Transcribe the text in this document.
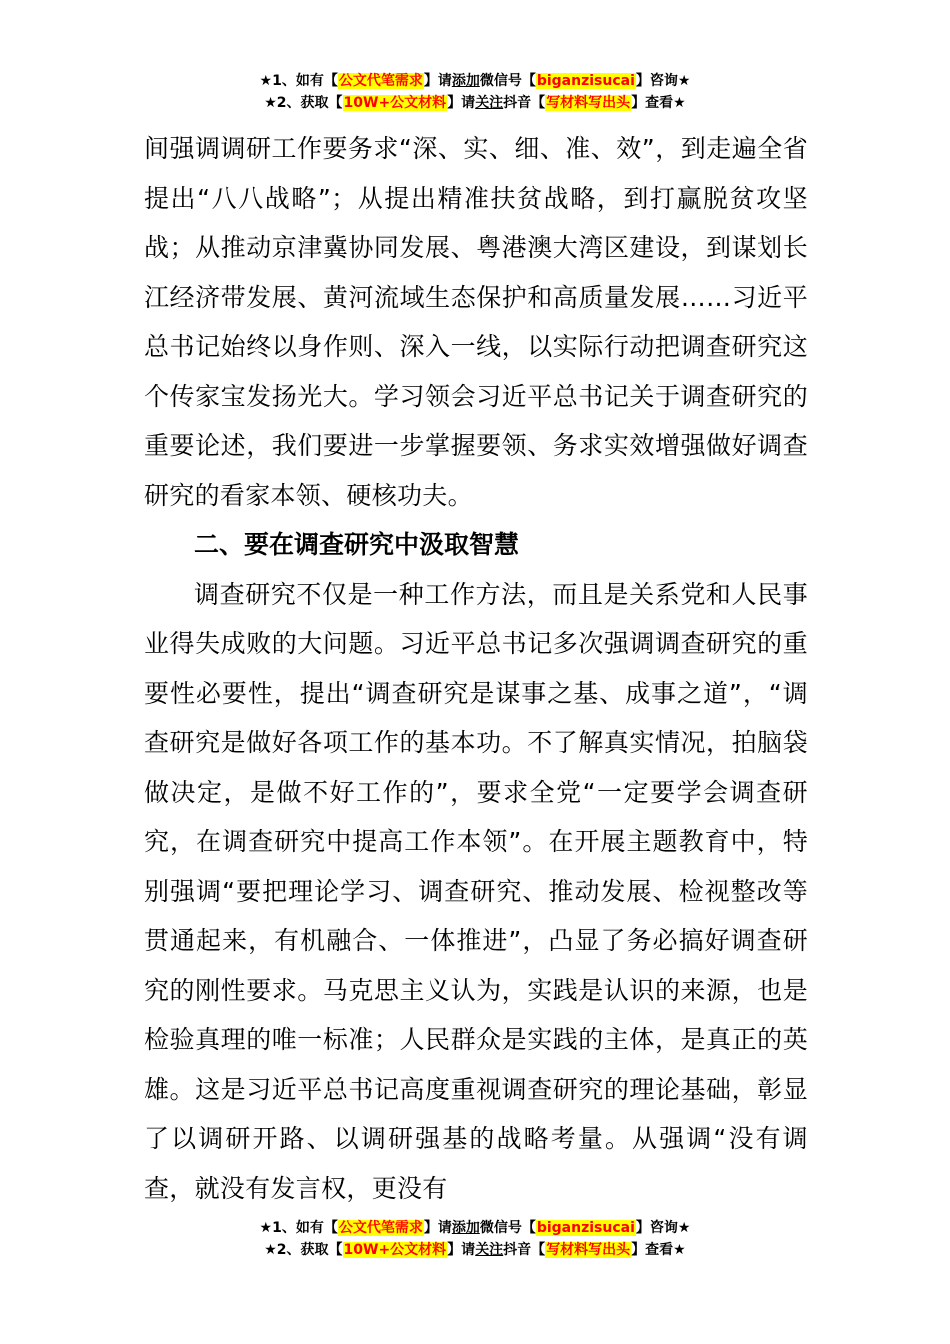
★1、如有【公文代笔需求】请添加微信号【biganzisucai】咨询★
★2、获取【10W+公文材料】请关注抖音【写材料写出头】查看★

间强调调研工作要务求“深、实、细、准、效”，到走遍全省提出“八八战略”；从提出精准扶贫战略，到打赢脱贫攻坚战；从推动京津冀协同发展、粤港澳大湾区建设，到谋划长江经济带发展、黄河流域生态保护和高质量发展……习近平总书记始终以身作则、深入一线，以实际行动把调查研究这个传家宝发扬光大。学习领会习近平总书记关于调查研究的重要论述，我们要进一步掌握要领、务求实效增强做好调查研究的看家本领、硬核功夫。

二、要在调查研究中汲取智慧

调查研究不仅是一种工作方法，而且是关系党和人民事业得失成败的大问题。习近平总书记多次强调调查研究的重要性必要性，提出“调查研究是谋事之基、成事之道”，“调查研究是做好各项工作的基本功。不了解真实情况，拍脑袋做决定，是做不好工作的”，要求全党“一定要学会调查研究，在调查研究中提高工作本领”。在开展主题教育中，特别强调“要把理论学习、调查研究、推动发展、检视整改等贯通起来，有机融合、一体推进”，凸显了务必搞好调查研究的刚性要求。马克思主义认为，实践是认识的来源，也是检验真理的唯一标准；人民群众是实践的主体，是真正的英雄。这是习近平总书记高度重视调查研究的理论基础，彰显了以调研开路、以调研强基的战略考量。从强调“没有调查，就没有发言权，更没有

★1、如有【公文代笔需求】请添加微信号【biganzisucai】咨询★
★2、获取【10W+公文材料】请关注抖音【写材料写出头】查看★
